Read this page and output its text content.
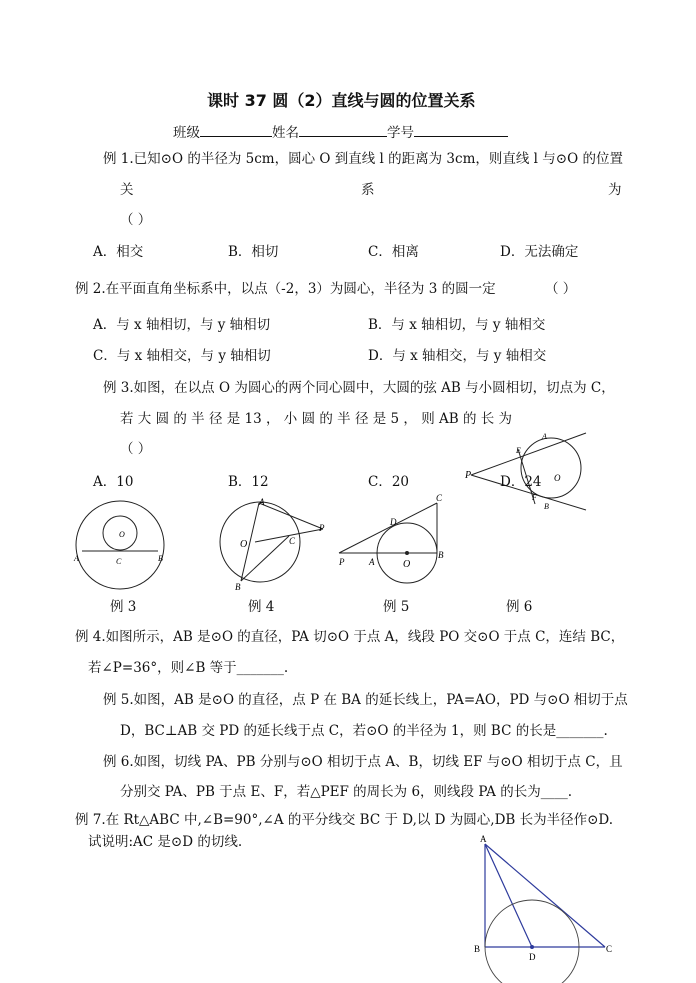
课时 37 圆（2）直线与圆的位置关系
班级	姓名	学号
例 1.已知⊙O 的半径为 5cm，圆心 O 到直线 l 的距离为 3cm，则直线 l 与⊙O 的位置
关	系	为
（ ）
A．相交	B．相切	C．相离	D．无法确定
例 2.在平面直角坐标系中，以点（-2，3）为圆心，半径为 3 的圆一定	（ ）
A．与 x 轴相切，与 y 轴相切	B．与 x 轴相切，与 y 轴相交
C．与 x 轴相交，与 y 轴相切	D．与 x 轴相交，与 y 轴相交
例 3.如图，在以点 O 为圆心的两个同心圆中，大圆的弦 AB 与小圆相切，切点为 C，
若 大 圆 的 半 径 是 13 ， 小 圆 的 半 径 是 5 ， 则 AB 的 长 为
（ ）
A．10	B．12	C．20	P
A
E
O
F
B
D．24
A	C	B
O
A
P
O	C
B
C
D
P	A	O
B
例 3	例 4	例 5	例 6
例 4.如图所示，AB 是⊙O 的直径，PA 切⊙O 于点 A，线段 PO 交⊙O 于点 C，连结 BC，
若∠P=36°，则∠B 等于_______.
例 5.如图，AB 是⊙O 的直径，点 P 在 BA 的延长线上，PA=AO，PD 与⊙O 相切于点
D，BC⊥AB 交 PD 的延长线于点 C，若⊙O 的半径为 1，则 BC 的长是_______.
例 6.如图，切线 PA、PB 分别与⊙O 相切于点 A、B，切线 EF 与⊙O 相切于点 C，且
分别交 PA、PB 于点 E、F，若△PEF 的周长为 6，则线段 PA 的长为____.
例 7.在 Rt△ABC 中,∠B=90°,∠A 的平分线交 BC 于 D,以 D 为圆心,DB 长为半径作⊙D.
试说明:AC 是⊙D 的切线.	A
B
D
C
